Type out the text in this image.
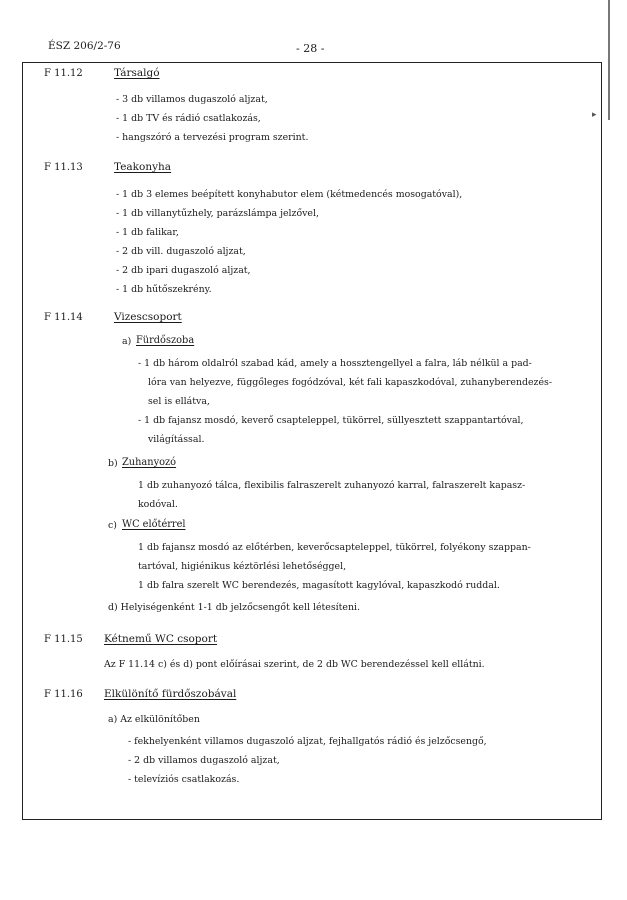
▸
ÉSZ 206/2-76	- 28 -
F 11.12	Társalgó
- 3 db villamos dugaszoló aljzat,
- 1 db TV és rádió csatlakozás,
- hangszóró a tervezési program szerint.
F 11.13	Teakonyha
- 1 db 3 elemes beépített konyhabutor elem (kétmedencés mosogatóval),
- 1 db villanytűzhely, parázslámpa jelzővel,
- 1 db falikar,
- 2 db vill. dugaszoló aljzat,
- 2 db ipari dugaszoló aljzat,
- 1 db hűtőszekrény.
F 11.14	Vizescsoport
a) Fürdőszoba
- 1 db három oldalról szabad kád, amely a hossztengellyel a falra, láb nélkül a pad-
lóra van helyezve, függőleges fogódzóval, két fali kapaszkodóval, zuhanyberendezés-
sel is ellátva,
- 1 db fajansz mosdó, keverő csapteleppel, tükörrel, süllyesztett szappantartóval,
világítással.
b) Zuhanyozó
1 db zuhanyozó tálca, flexibilis falraszerelt zuhanyozó karral, falraszerelt kapasz-
kodóval.
c) WC előtérrel
1 db fajansz mosdó az előtérben, keverőcsapteleppel, tükörrel, folyékony szappan-
tartóval, higiénikus kéztörlési lehetőséggel,
1 db falra szerelt WC berendezés, magasított kagylóval, kapaszkodó ruddal.
d) Helyiségenként 1-1 db jelzőcsengőt kell létesíteni.
F 11.15 Kétnemű WC csoport
Az F 11.14 c) és d) pont előírásai szerint, de 2 db WC berendezéssel kell ellátni.
F 11.16 Elkülönítő fürdőszobával
a) Az elkülönítőben
- fekhelyenként villamos dugaszoló aljzat, fejhallgatós rádió és jelzőcsengő,
- 2 db villamos dugaszoló aljzat,
- televíziós csatlakozás.
